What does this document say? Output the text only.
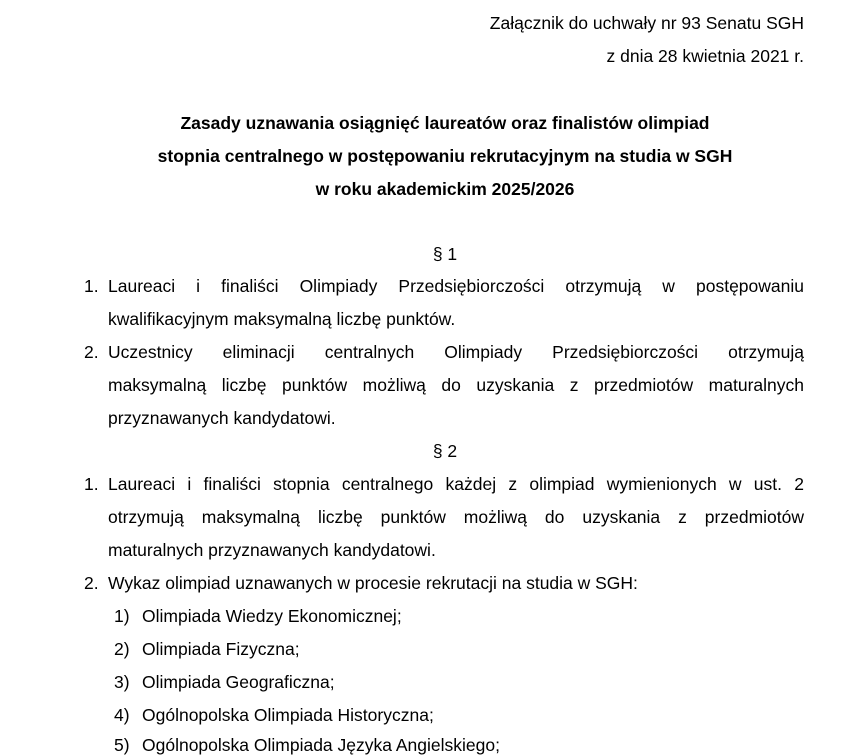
Załącznik do uchwały nr 93 Senatu SGH
z dnia 28 kwietnia 2021 r.
Zasady uznawania osiągnięć laureatów oraz finalistów olimpiad
stopnia centralnego w postępowaniu rekrutacyjnym na studia w SGH
w roku akademickim 2025/2026
§ 1
1. Laureaci i finaliści Olimpiady Przedsiębiorczości otrzymują w postępowaniu
kwalifikacyjnym maksymalną liczbę punktów.
2. Uczestnicy eliminacji centralnych Olimpiady Przedsiębiorczości otrzymują
maksymalną liczbę punktów możliwą do uzyskania z przedmiotów maturalnych
przyznawanych kandydatowi.
§ 2
1. Laureaci i finaliści stopnia centralnego każdej z olimpiad wymienionych w ust. 2
otrzymują maksymalną liczbę punktów możliwą do uzyskania z przedmiotów
maturalnych przyznawanych kandydatowi.
2. Wykaz olimpiad uznawanych w procesie rekrutacji na studia w SGH:
1) Olimpiada Wiedzy Ekonomicznej;
2) Olimpiada Fizyczna;
3) Olimpiada Geograficzna;
4) Ogólnopolska Olimpiada Historyczna;
5) Ogólnopolska Olimpiada Języka Angielskiego;
